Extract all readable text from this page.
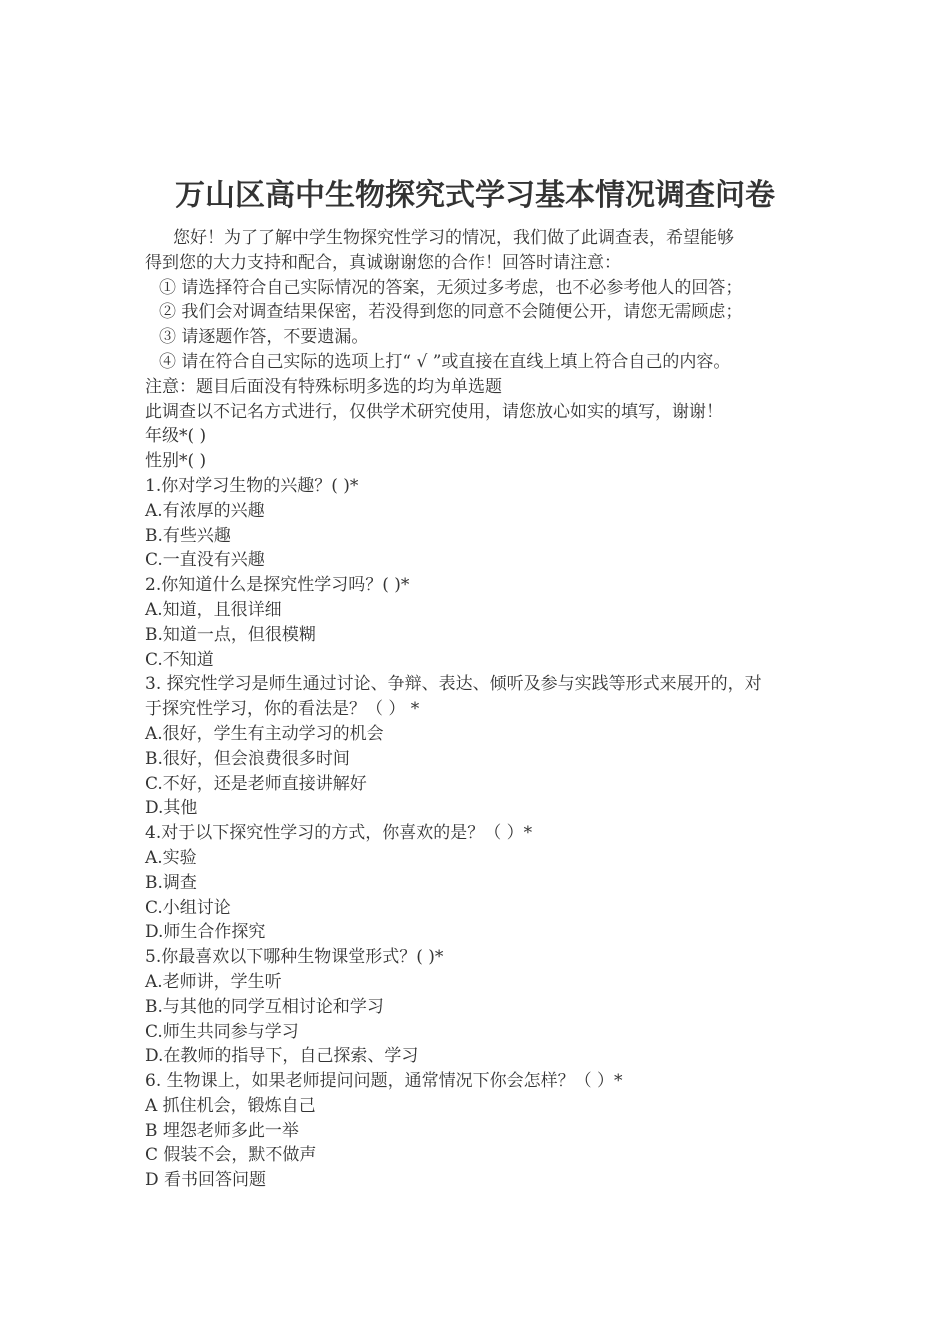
万山区高中生物探究式学习基本情况调查问卷
您好！为了了解中学生物探究性学习的情况，我们做了此调查表，希望能够
得到您的大力支持和配合，真诚谢谢您的合作！回答时请注意：
① 请选择符合自己实际情况的答案，无须过多考虑，也不必参考他人的回答；
② 我们会对调查结果保密，若没得到您的同意不会随便公开，请您无需顾虑；
③ 请逐题作答，不要遗漏。
④ 请在符合自己实际的选项上打“ √ ”或直接在直线上填上符合自己的内容。
注意：题目后面没有特殊标明多选的均为单选题
此调查以不记名方式进行，仅供学术研究使用，请您放心如实的填写，谢谢！
年级*( )
性别*( )
1.你对学习生物的兴趣？( )*
A.有浓厚的兴趣
B.有些兴趣
C.一直没有兴趣
2.你知道什么是探究性学习吗？( )*
A.知道，且很详细
B.知道一点，但很模糊
C.不知道
3. 探究性学习是师生通过讨论、争辩、表达、倾听及参与实践等形式来展开的，对
于探究性学习，你的看法是？（ ） *
A.很好，学生有主动学习的机会
B.很好，但会浪费很多时间
C.不好，还是老师直接讲解好
D.其他
4.对于以下探究性学习的方式，你喜欢的是？（ ）*
A.实验
B.调查
C.小组讨论
D.师生合作探究
5.你最喜欢以下哪种生物课堂形式？( )*
A.老师讲，学生听
B.与其他的同学互相讨论和学习
C.师生共同参与学习
D.在教师的指导下，自己探索、学习
6. 生物课上，如果老师提问问题，通常情况下你会怎样？（ ）*
A 抓住机会，锻炼自己
B 埋怨老师多此一举
C 假装不会，默不做声
D 看书回答问题
